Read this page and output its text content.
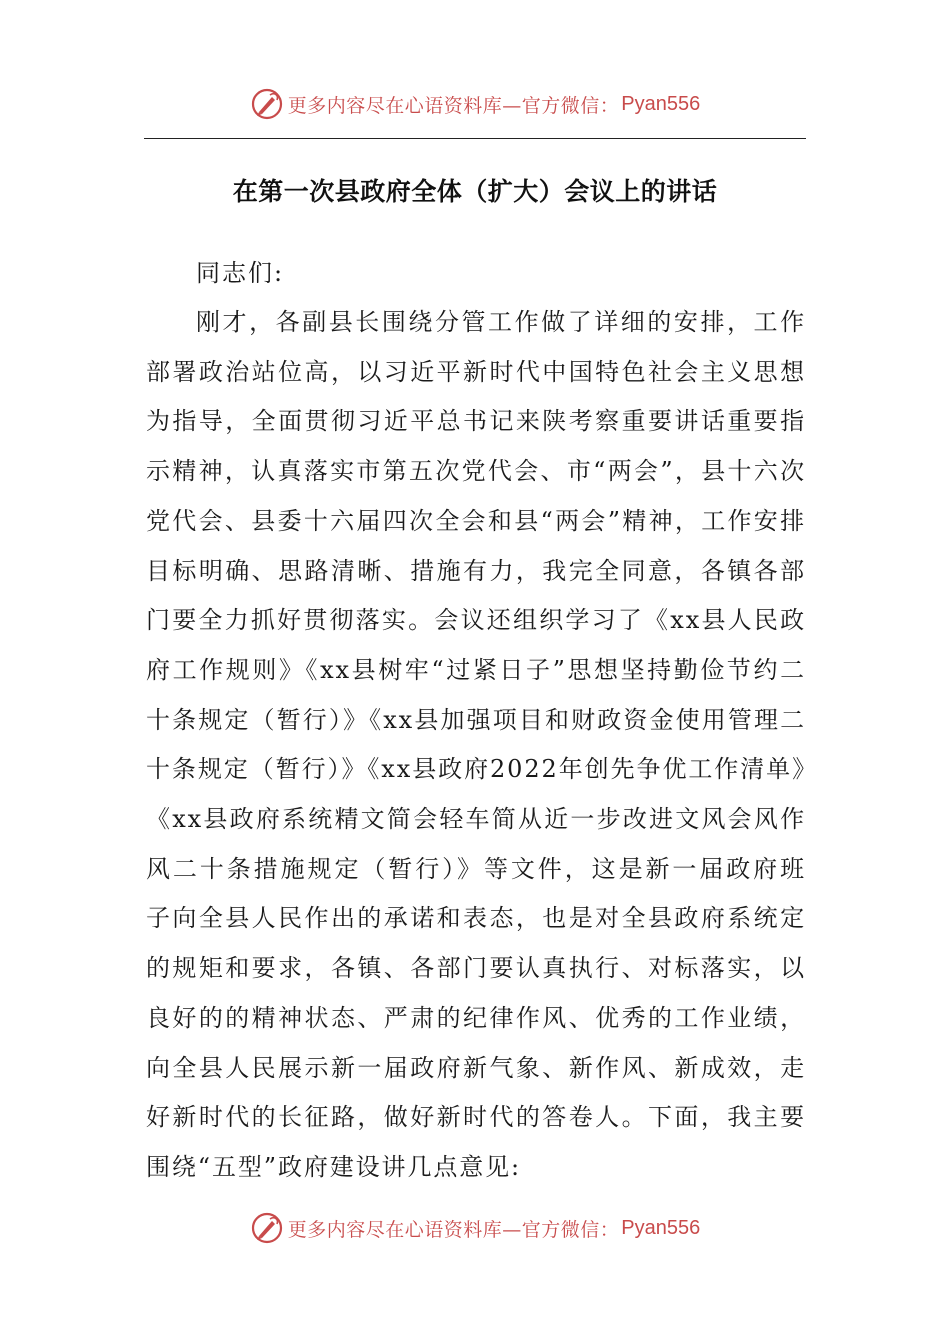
更多内容尽在心语资料库—官方微信： Pyan556
在第一次县政府全体（扩大）会议上的讲话

同志们:

刚才，各副县长围绕分管工作做了详细的安排，工作部署政治站位高，以习近平新时代中国特色社会主义思想为指导，全面贯彻习近平总书记来陕考察重要讲话重要指示精神，认真落实市第五次党代会、市“两会”，县十六次党代会、县委十六届四次全会和县“两会”精神，工作安排目标明确、思路清晰、措施有力，我完全同意，各镇各部门要全力抓好贯彻落实。会议还组织学习了《xx县人民政府工作规则》《xx县树牢“过紧日子”思想坚持勤俭节约二十条规定（暂行）》《xx县加强项目和财政资金使用管理二十条规定（暂行）》《xx县政府2022年创先争优工作清单》《xx县政府系统精文简会轻车简从近一步改进文风会风作风二十条措施规定（暂行）》等文件，这是新一届政府班子向全县人民作出的承诺和表态，也是对全县政府系统定的规矩和要求，各镇、各部门要认真执行、对标落实，以良好的的精神状态、严肃的纪律作风、优秀的工作业绩，向全县人民展示新一届政府新气象、新作风、新成效，走好新时代的长征路，做好新时代的答卷人。下面，我主要围绕“五型”政府建设讲几点意见:

更多内容尽在心语资料库—官方微信： Pyan556
